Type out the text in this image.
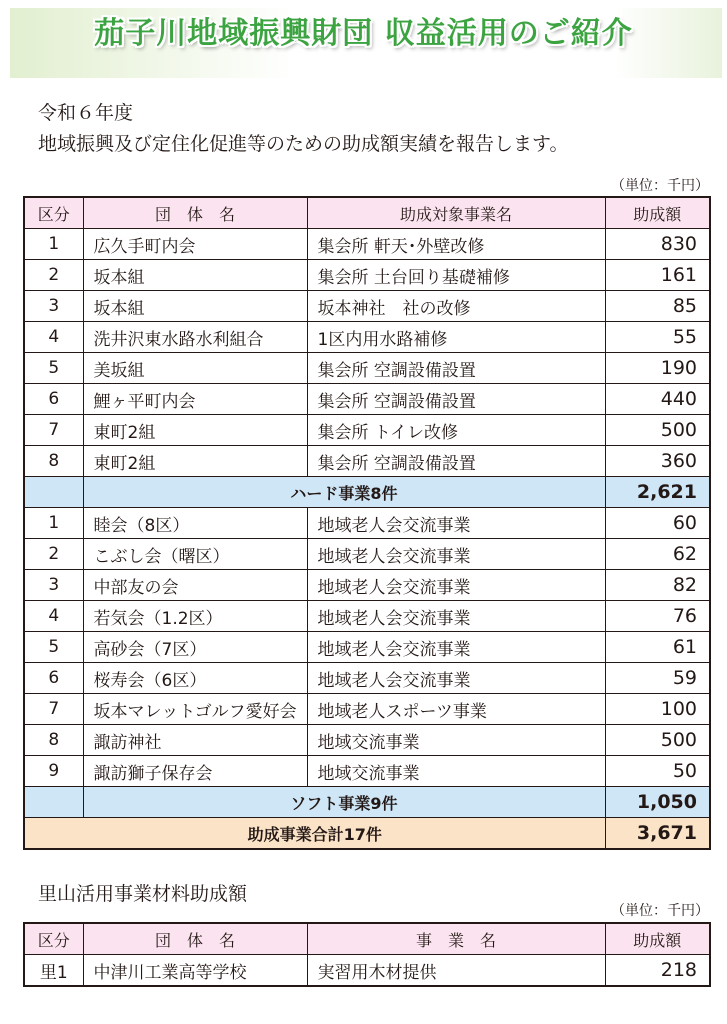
茄子川地域振興財団 収益活用のご紹介
令和６年度
地域振興及び定住化促進等のための助成額実績を報告します。
（単位：千円）
区分	団　体　名	助成対象事業名	助成額
1	広久手町内会	集会所 軒天･外壁改修	830
2	坂本組	集会所 土台回り基礎補修	161
3	坂本組	坂本神社　社の改修	85
4	洗井沢東水路水利組合	1区内用水路補修	55
5	美坂組	集会所 空調設備設置	190
6	鯉ヶ平町内会	集会所 空調設備設置	440
7	東町2組	集会所 トイレ改修	500
8	東町2組	集会所 空調設備設置	360
	ハード事業8件		2,621
1	睦会（8区）	地域老人会交流事業	60
2	こぶし会（曙区）	地域老人会交流事業	62
3	中部友の会	地域老人会交流事業	82
4	若気会（1.2区）	地域老人会交流事業	76
5	高砂会（7区）	地域老人会交流事業	61
6	桜寿会（6区）	地域老人会交流事業	59
7	坂本マレットゴルフ愛好会	地域老人スポーツ事業	100
8	諏訪神社	地域交流事業	500
9	諏訪獅子保存会	地域交流事業	50
	ソフト事業9件		1,050
助成事業合計17件			3,671
里山活用事業材料助成額
（単位：千円）
区分	団　体　名	事　業　名	助成額
里1	中津川工業高等学校	実習用木材提供	218
